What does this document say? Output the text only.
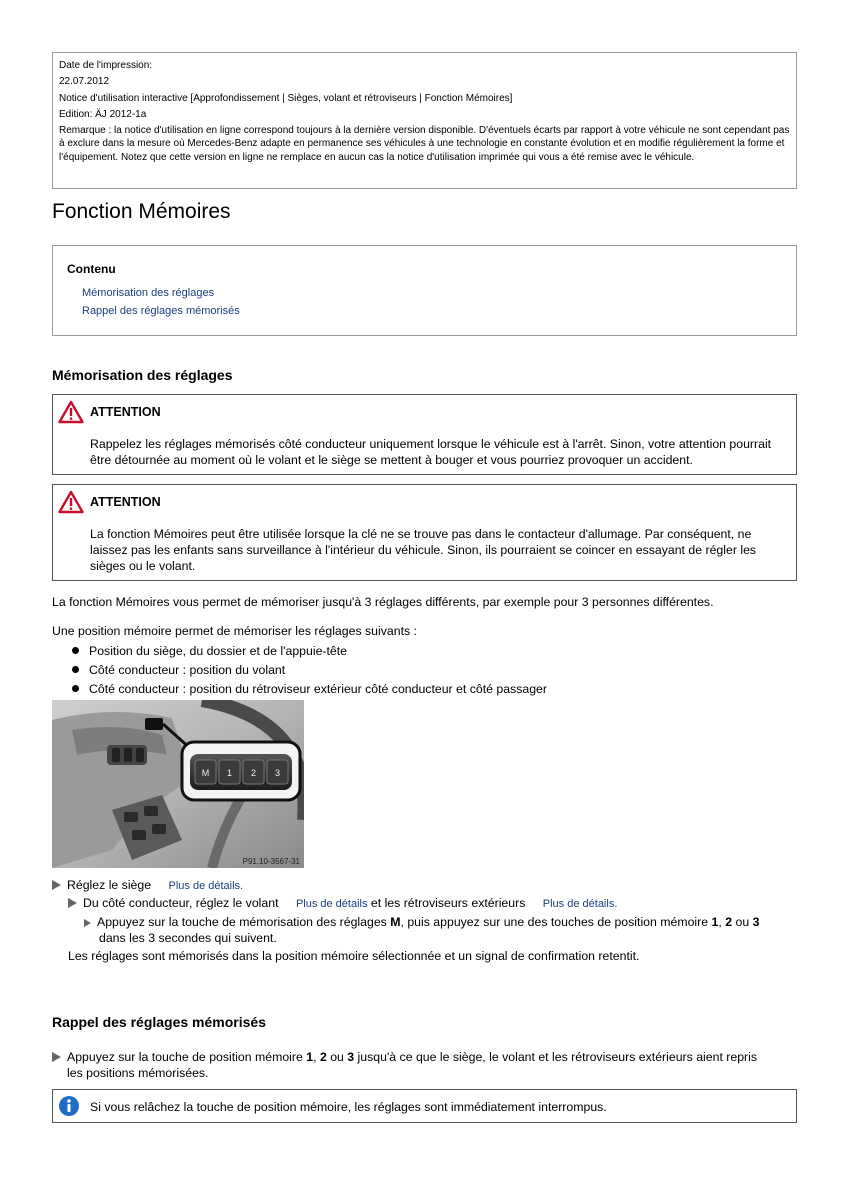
Date de l'impression:
22.07.2012
Notice d'utilisation interactive [Approfondissement | Sièges, volant et rétroviseurs | Fonction Mémoires]
Edition: ÄJ 2012-1a
Remarque : la notice d'utilisation en ligne correspond toujours à la dernière version disponible. D'éventuels écarts par rapport à votre véhicule ne sont cependant pas à exclure dans la mesure où Mercedes-Benz adapte en permanence ses véhicules à une technologie en constante évolution et en modifie régulièrement la forme et l'équipement. Notez que cette version en ligne ne remplace en aucun cas la notice d'utilisation imprimée qui vous a été remise avec le véhicule.
Fonction Mémoires
Contenu
Mémorisation des réglages
Rappel des réglages mémorisés
Mémorisation des réglages
ATTENTION
Rappelez les réglages mémorisés côté conducteur uniquement lorsque le véhicule est à l'arrêt. Sinon, votre attention pourrait être détournée au moment où le volant et le siège se mettent à bouger et vous pourriez provoquer un accident.
ATTENTION
La fonction Mémoires peut être utilisée lorsque la clé ne se trouve pas dans le contacteur d'allumage. Par conséquent, ne laissez pas les enfants sans surveillance à l'intérieur du véhicule. Sinon, ils pourraient se coincer en essayant de régler les sièges ou le volant.
La fonction Mémoires vous permet de mémoriser jusqu'à 3 réglages différents, par exemple pour 3 personnes différentes.
Une position mémoire permet de mémoriser les réglages suivants :
Position du siège, du dossier et de l'appuie-tête
Côté conducteur : position du volant
Côté conducteur : position du rétroviseur extérieur côté conducteur et côté passager
M 1 2 3
P91.10-3567-31
Réglez le siège Plus de détails.
Du côté conducteur, réglez le volant Plus de détails et les rétroviseurs extérieurs Plus de détails.
Appuyez sur la touche de mémorisation des réglages M, puis appuyez sur une des touches de position mémoire 1, 2 ou 3
dans les 3 secondes qui suivent.
Les réglages sont mémorisés dans la position mémoire sélectionnée et un signal de confirmation retentit.
Rappel des réglages mémorisés
Appuyez sur la touche de position mémoire 1, 2 ou 3 jusqu'à ce que le siège, le volant et les rétroviseurs extérieurs aient repris
les positions mémorisées.
Si vous relâchez la touche de position mémoire, les réglages sont immédiatement interrompus.
